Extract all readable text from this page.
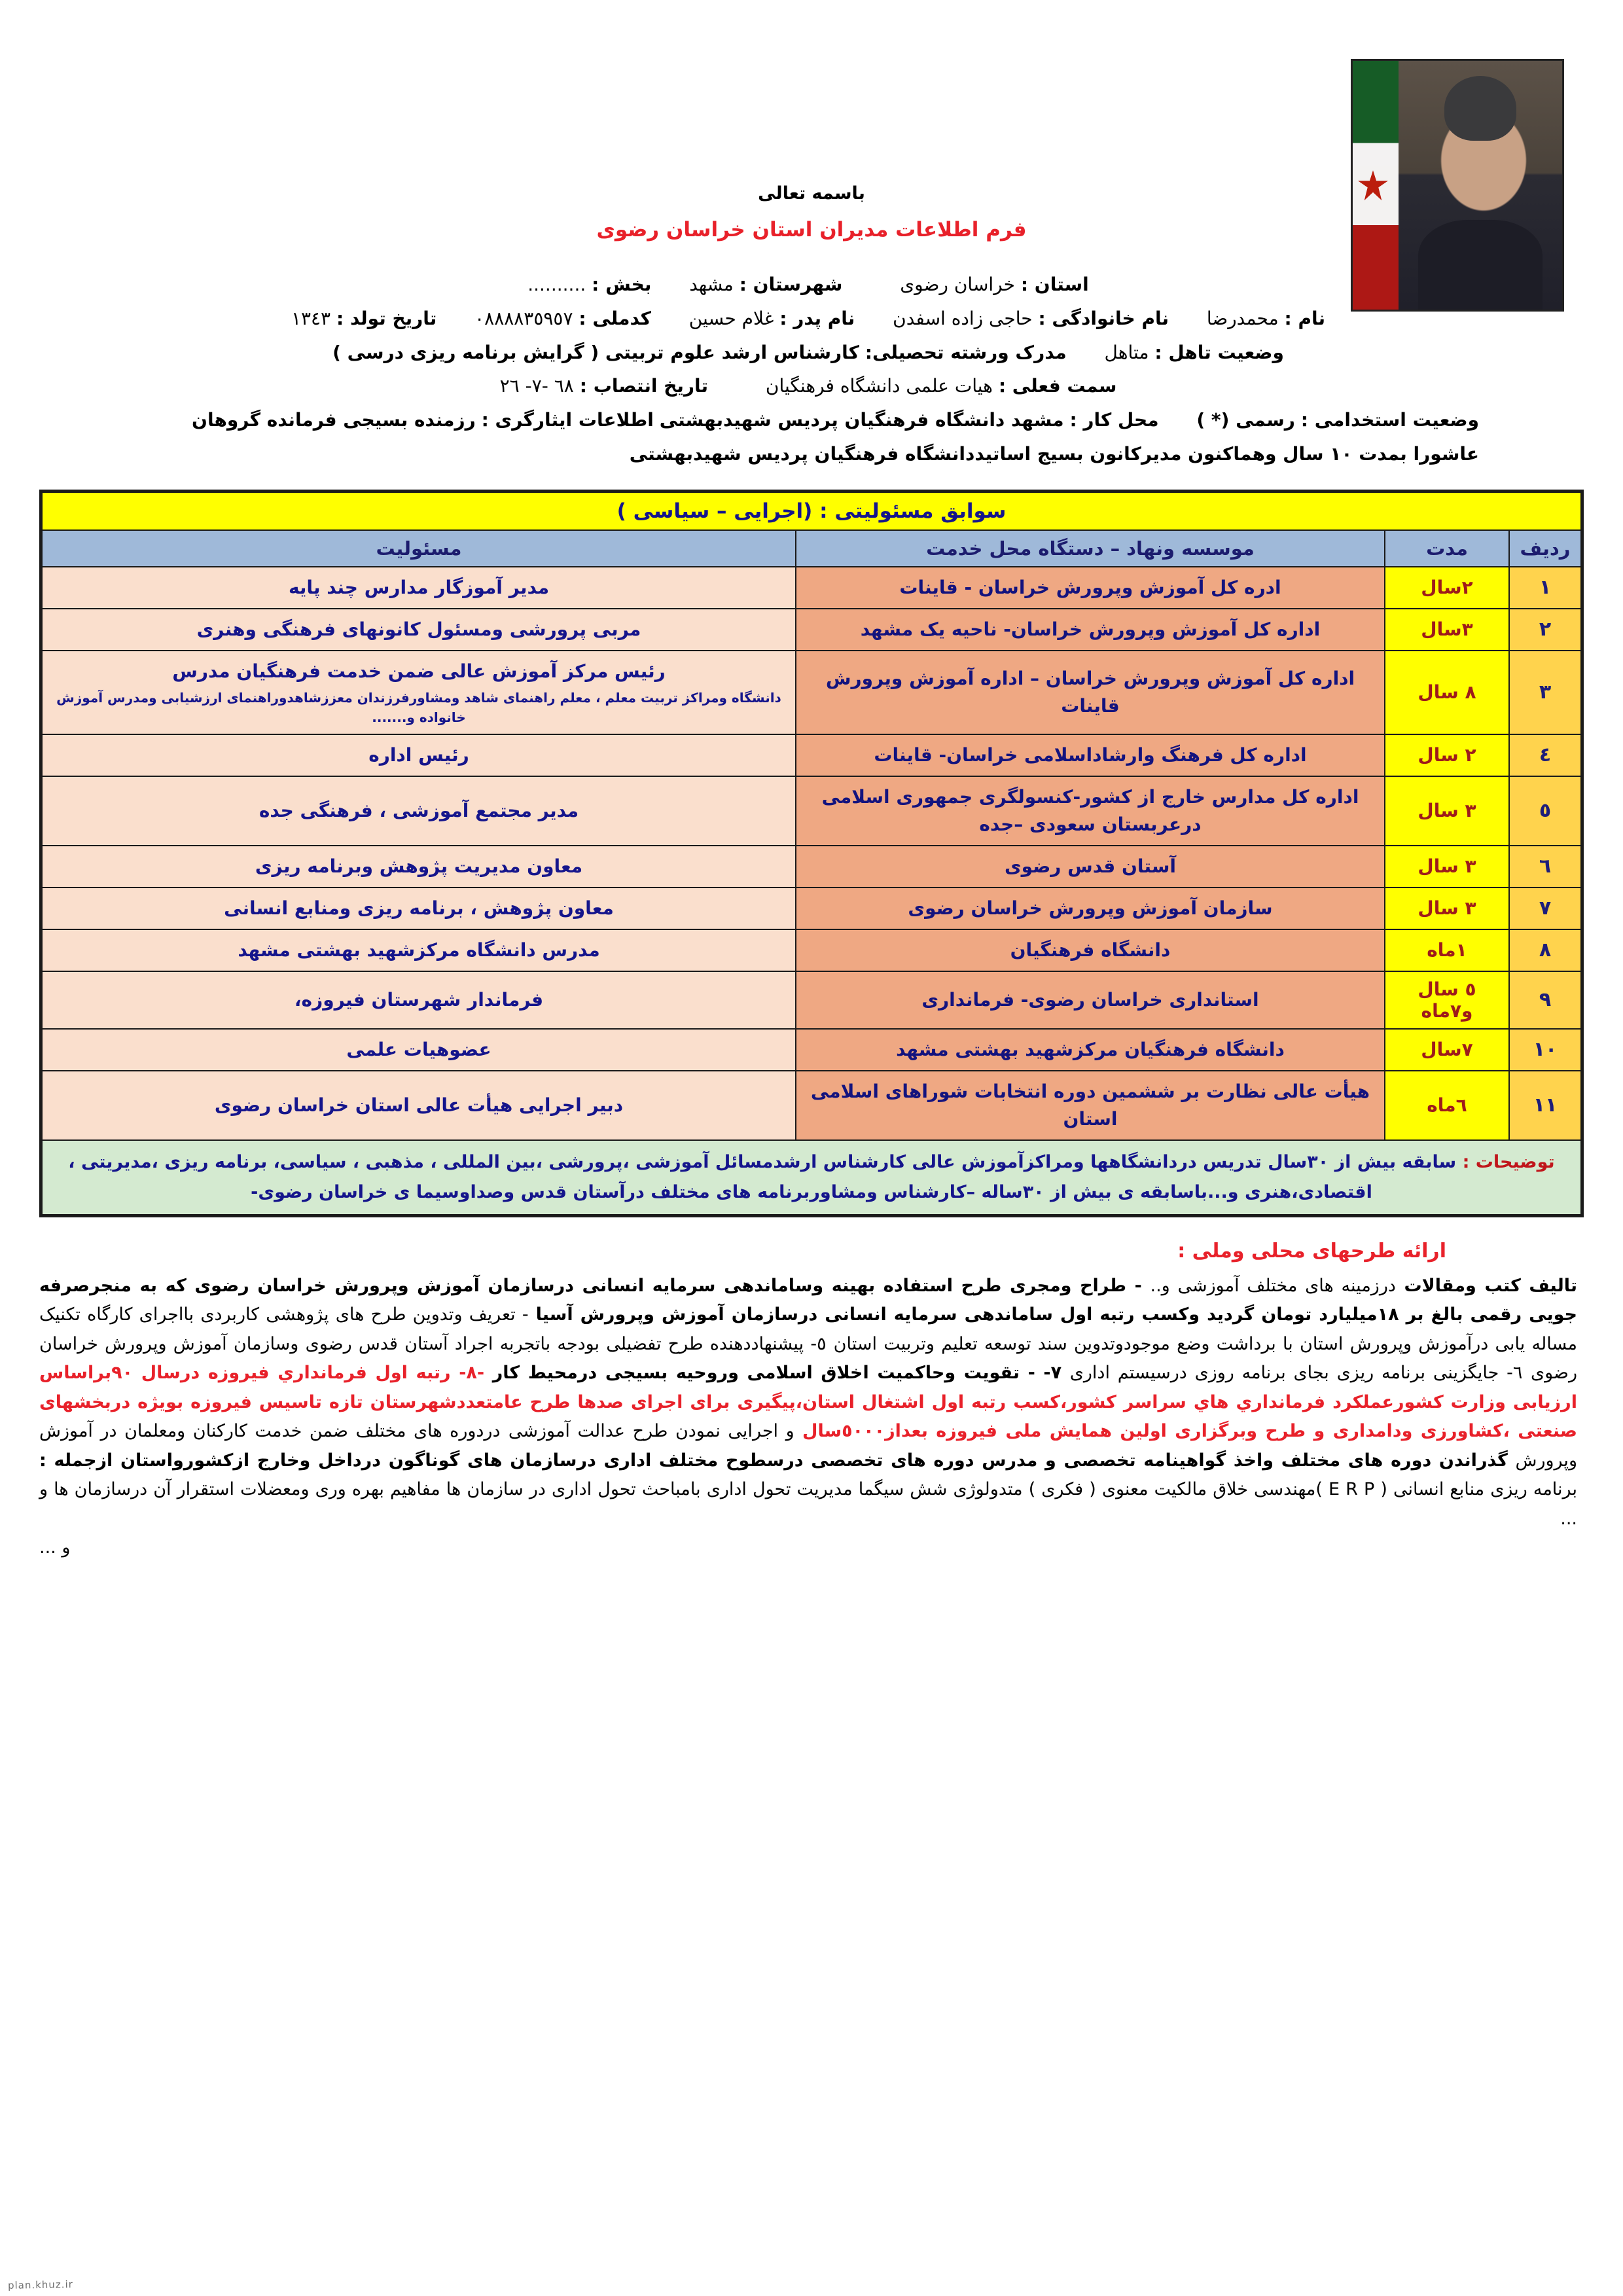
باسمه تعالی
فرم اطلاعات مدیران استان خراسان رضوی
استان : خراسان رضوی  شهرستان : مشهد  بخش : ..........
نام : محمدرضا  نام خانوادگی : حاجی زاده اسفدن  نام پدر : غلام حسین  کدملی : ٠٨٨٨٨٣٥٩٥٧  تاریخ تولد : ١٣٤٣
وضعیت تاهل : متاهل  مدرک ورشته تحصیلی: کارشناس ارشد علوم تربیتی ( گرایش برنامه ریزی درسی )
سمت فعلی : هیات علمی دانشگاه فرهنگیان  تاریخ انتصاب : ٦٨ -٧- ٢٦
وضعیت استخدامی : رسمی (* )  محل کار : مشهد دانشگاه فرهنگیان پردیس شهیدبهشتی اطلاعات ایثارگری : رزمنده بسیجی فرمانده گروهان عاشورا بمدت ١٠ سال وهماکنون مدیرکانون بسیج اساتیددانشگاه فرهنگیان پردیس شهیدبهشتی
سوابق مسئولیتی : (اجرایی – سیاسی )			
ردیف	مدت	موسسه ونهاد – دستگاه محل خدمت	مسئولیت
١	٢سال	ادره کل آموزش وپرورش خراسان - قاینات	مدیر آموزگار مدارس چند پایه
٢	٣سال	اداره کل آموزش وپرورش خراسان- ناحیه یک مشهد	مربی پرورشی ومسئول کانونهای فرهنگی وهنری
٣	٨ سال	اداره کل آموزش وپرورش خراسان – اداره آموزش وپرورش قاینات	رئیس مرکز آموزش عالی ضمن خدمت فرهنگیان مدرس
دانشگاه ومراکز تربیت معلم ، معلم راهنمای شاهد ومشاورفرزندان معززشاهدوراهنمای ارزشیابی ومدرس آموزش خانواده و.......

٤	٢ سال	اداره کل فرهنگ وارشاداسلامی خراسان- قاینات	رئیس اداره
٥	٣ سال	اداره کل مدارس خارج از کشور-کنسولگری جمهوری اسلامی درعربستان سعودی –جده	مدیر مجتمع آموزشی ، فرهنگی جده
٦	٣ سال	آستان قدس رضوی	معاون مدیریت پژوهش وبرنامه ریزی
٧	٣ سال	سازمان آموزش وپرورش خراسان رضوی	معاون پژوهش ، برنامه ریزی ومنابع انسانی
٨	١ماه	دانشگاه فرهنگیان	مدرس دانشگاه مرکزشهید بهشتی مشهد
٩	٥ سال و٧ماه	استانداری خراسان رضوی- فرمانداری	فرماندار شهرستان فیروزه،
١٠	٧سال	دانشگاه فرهنگیان مرکزشهید بهشتی مشهد	عضوهیات علمی
١١	٦ماه	هیأت عالی نظارت بر ششمین دوره انتخابات شوراهای اسلامی استان	دبیر اجرایی هیأت عالی استان خراسان رضوی
توضیحات : سابقه بیش از ٣٠سال تدریس دردانشگاهها ومراکزآموزش عالی کارشناس ارشدمسائل آموزشی ،پرورشی ،بین المللی ، مذهبی ، سیاسی، برنامه ریزی ،مدیریتی ، اقتصادی،هنری و...باسابقه ی بیش از ٣٠ساله –کارشناس ومشاوربرنامه های مختلف درآستان قدس وصداوسیما ی خراسان رضوی-			
ارائه طرحهای محلی وملی :
تالیف کتب ومقالات درزمینه های مختلف آموزشی و.. - طراح ومجری طرح استفاده بهینه وساماندهی سرمایه انسانی درسازمان آموزش وپرورش خراسان رضوی که به منجرصرفه جویی رقمی بالغ بر ١٨میلیارد تومان گردید وکسب رتبه اول ساماندهی سرمایه انسانی درسازمان آموزش وپرورش آسیا - تعریف وتدوین طرح های پژوهشی کاربردی بااجرای کارگاه تکنیک مساله یابی درآموزش وپرورش استان با برداشت وضع موجودوتدوین سند توسعه تعلیم وتربیت استان ٥- پیشنهاددهنده طرح تفضیلی بودجه باتجربه اجراد آستان قدس رضوی وسازمان آموزش وپرورش خراسان رضوی ٦- جایگزینی برنامه ریزی بجای برنامه روزی درسیستم اداری ٧- - تقویت وحاکمیت اخلاق اسلامی وروحیه بسیجی درمحیط کار -٨- رتبه اول فرمانداري فیروزه درسال ٩٠براساس ارزیابی وزارت کشورعملکرد فرمانداري هاي سراسر کشور،کسب رتبه اول اشتغال استان،پیگیری برای اجرای صدها طرح عامتعددشهرستان تازه تاسیس فیروزه بویژه دربخشهای صنعتی ،کشاورزی ودامداری و طرح وبرگزاری اولین همایش ملی فیروزه بعداز٥٠٠٠سال و اجرایی نمودن طرح عدالت آموزشی دردوره های مختلف ضمن خدمت کارکنان ومعلمان در آموزش وپرورش گذراندن دوره های مختلف واخذ گواهینامه تخصصی و مدرس دوره های تخصصی درسطوح مختلف اداری درسازمان های گوناگون درداخل وخارج ازکشورواستان ازجمله : برنامه ریزی منابع انسانی ( E R P )مهندسی خلاق مالکیت معنوی ( فکری ) متدولوژی شش سیگما مدیریت تحول اداری بامباحث تحول اداری در سازمان ها مفاهیم بهره وری ومعضلات استقرار آن درسازمان ها و ...
و ...
plan.khuz.ir
